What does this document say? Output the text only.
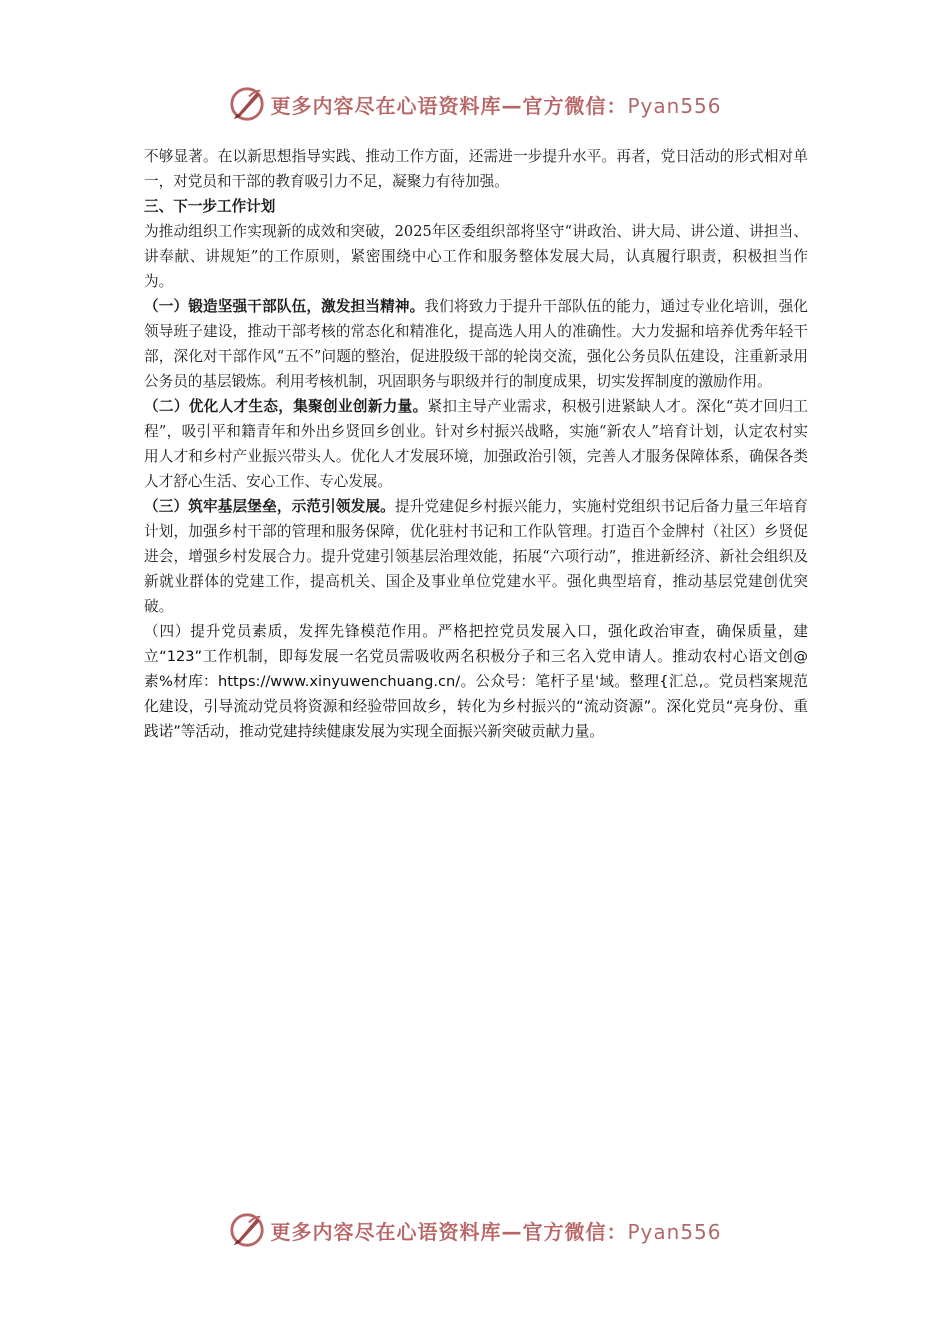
更多内容尽在心语资料库—官方微信：Pyan556

不够显著。在以新思想指导实践、推动工作方面，还需进一步提升水平。再者，党日活动的形式相对单一，对党员和干部的教育吸引力不足，凝聚力有待加强。

三、下一步工作计划

为推动组织工作实现新的成效和突破，2025年区委组织部将坚守“讲政治、讲大局、讲公道、讲担当、讲奉献、讲规矩”的工作原则，紧密围绕中心工作和服务整体发展大局，认真履行职责，积极担当作为。

（一）锻造坚强干部队伍，激发担当精神。我们将致力于提升干部队伍的能力，通过专业化培训，强化领导班子建设，推动干部考核的常态化和精准化，提高选人用人的准确性。大力发掘和培养优秀年轻干部，深化对干部作风“五不”问题的整治，促进股级干部的轮岗交流，强化公务员队伍建设，注重新录用公务员的基层锻炼。利用考核机制，巩固职务与职级并行的制度成果，切实发挥制度的激励作用。

（二）优化人才生态，集聚创业创新力量。紧扣主导产业需求，积极引进紧缺人才。深化“英才回归工程”，吸引平和籍青年和外出乡贤回乡创业。针对乡村振兴战略，实施“新农人”培育计划，认定农村实用人才和乡村产业振兴带头人。优化人才发展环境，加强政治引领，完善人才服务保障体系，确保各类人才舒心生活、安心工作、专心发展。

（三）筑牢基层堡垒，示范引领发展。提升党建促乡村振兴能力，实施村党组织书记后备力量三年培育计划，加强乡村干部的管理和服务保障，优化驻村书记和工作队管理。打造百个金牌村（社区）乡贤促进会，增强乡村发展合力。提升党建引领基层治理效能，拓展“六项行动”，推进新经济、新社会组织及新就业群体的党建工作，提高机关、国企及事业单位党建水平。强化典型培育，推动基层党建创优突破。

（四）提升党员素质，发挥先锋模范作用。严格把控党员发展入口，强化政治审查，确保质量，建立“123”工作机制，即每发展一名党员需吸收两名积极分子和三名入党申请人。推动农村心语文创@素%材库：https://www.xinyuwenchuang.cn/。公众号：笔杆子星'域。整理{汇总,。党员档案规范化建设，引导流动党员将资源和经验带回故乡，转化为乡村振兴的“流动资源”。深化党员“亮身份、重践诺”等活动，推动党建持续健康发展为实现全面振兴新突破贡献力量。

更多内容尽在心语资料库—官方微信：Pyan556
